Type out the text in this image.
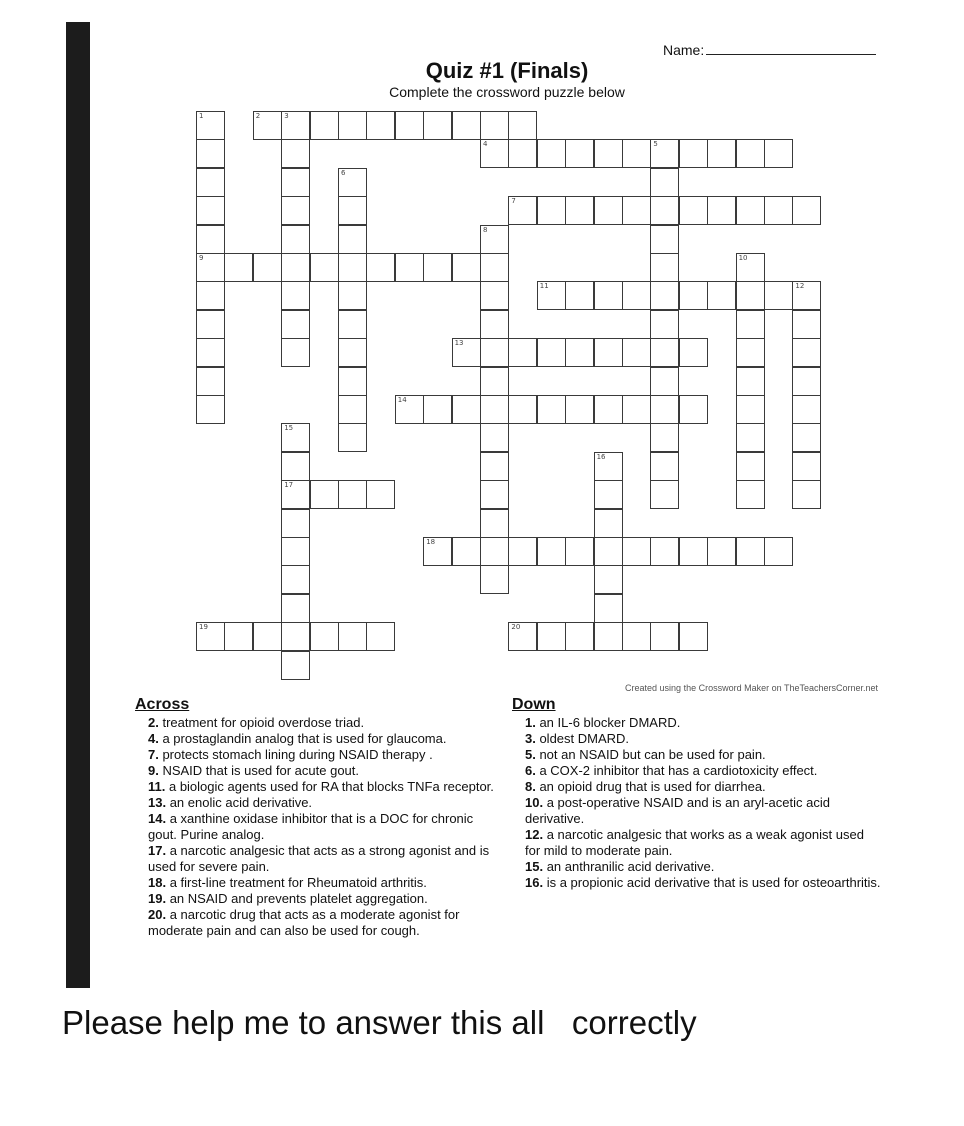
Name:
Quiz #1 (Finals)
Complete the crossword puzzle below
1
9
2	3
4	5
6
7
8
10
11	12
13
14
15
17
16
18
19	20
Created using the Crossword Maker on TheTeachersCorner.net
Across
2. treatment for opioid overdose triad.
4. a prostaglandin analog that is used for glaucoma.
7. protects stomach lining during NSAID therapy .
9. NSAID that is used for acute gout.
11. a biologic agents used for RA that blocks TNFa receptor.
13. an enolic acid derivative.
14. a xanthine oxidase inhibitor that is a DOC for chronic gout. Purine analog.
17. a narcotic analgesic that acts as a strong agonist and is used for severe pain.
18. a first-line treatment for Rheumatoid arthritis.
19. an NSAID and prevents platelet aggregation.
20. a narcotic drug that acts as a moderate agonist for moderate pain and can also be used for cough.
Down
1. an IL-6 blocker DMARD.
3. oldest DMARD.
5. not an NSAID but can be used for pain.
6. a COX-2 inhibitor that has a cardiotoxicity effect.
8. an opioid drug that is used for diarrhea.
10. a post-operative NSAID and is an aryl-acetic acid derivative.
12. a narcotic analgesic that works as a weak agonist used for mild to moderate pain.
15. an anthranilic acid derivative.
16. is a propionic acid derivative that is used for osteoarthritis.
Please help me to answer this all   correctly
